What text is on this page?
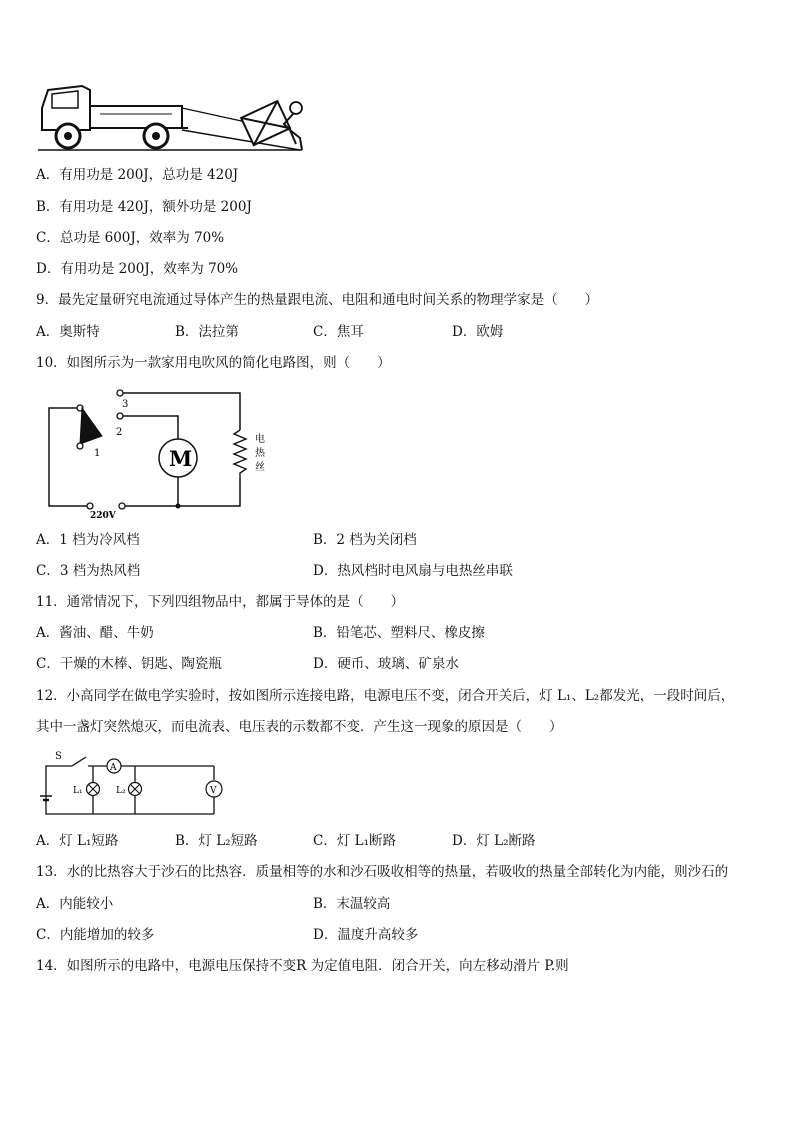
A．有用功是 200J，总功是 420J
B．有用功是 420J，额外功是 200J
C．总功是 600J，效率为 70%
D．有用功是 200J，效率为 70%
9．最先定量研究电流通过导体产生的热量跟电流、电阻和通电时间关系的物理学家是（　　）
A．奥斯特	B．法拉第	C．焦耳	D．欧姆
10．如图所示为一款家用电吹风的简化电路图，则（　　）
220V
3
电
热
丝
2
M
1
A．1 档为冷风档	B．2 档为关闭档
C．3 档为热风档	D．热风档时电风扇与电热丝串联
11．通常情况下，下列四组物品中，都属于导体的是（　　）
A．酱油、醋、牛奶	B．铅笔芯、塑料尺、橡皮擦
C．干燥的木棒、钥匙、陶瓷瓶	D．硬币、玻璃、矿泉水
12．小高同学在做电学实验时，按如图所示连接电路，电源电压不变，闭合开关后，灯 L₁、L₂都发光，一段时间后，
其中一盏灯突然熄灭，而电流表、电压表的示数都不变．产生这一现象的原因是（　　）
S
L₁
A
L₂	V
A．灯 L₁短路	B．灯 L₂短路	C．灯 L₁断路	D．灯 L₂断路
13．水的比热容大于沙石的比热容．质量相等的水和沙石吸收相等的热量，若吸收的热量全部转化为内能，则沙石的
A．内能较小	B．末温较高
C．内能增加的较多	D．温度升高较多
14．如图所示的电路中，电源电压保持不变R 为定值电阻．闭合开关，向左移动滑片 P.则
